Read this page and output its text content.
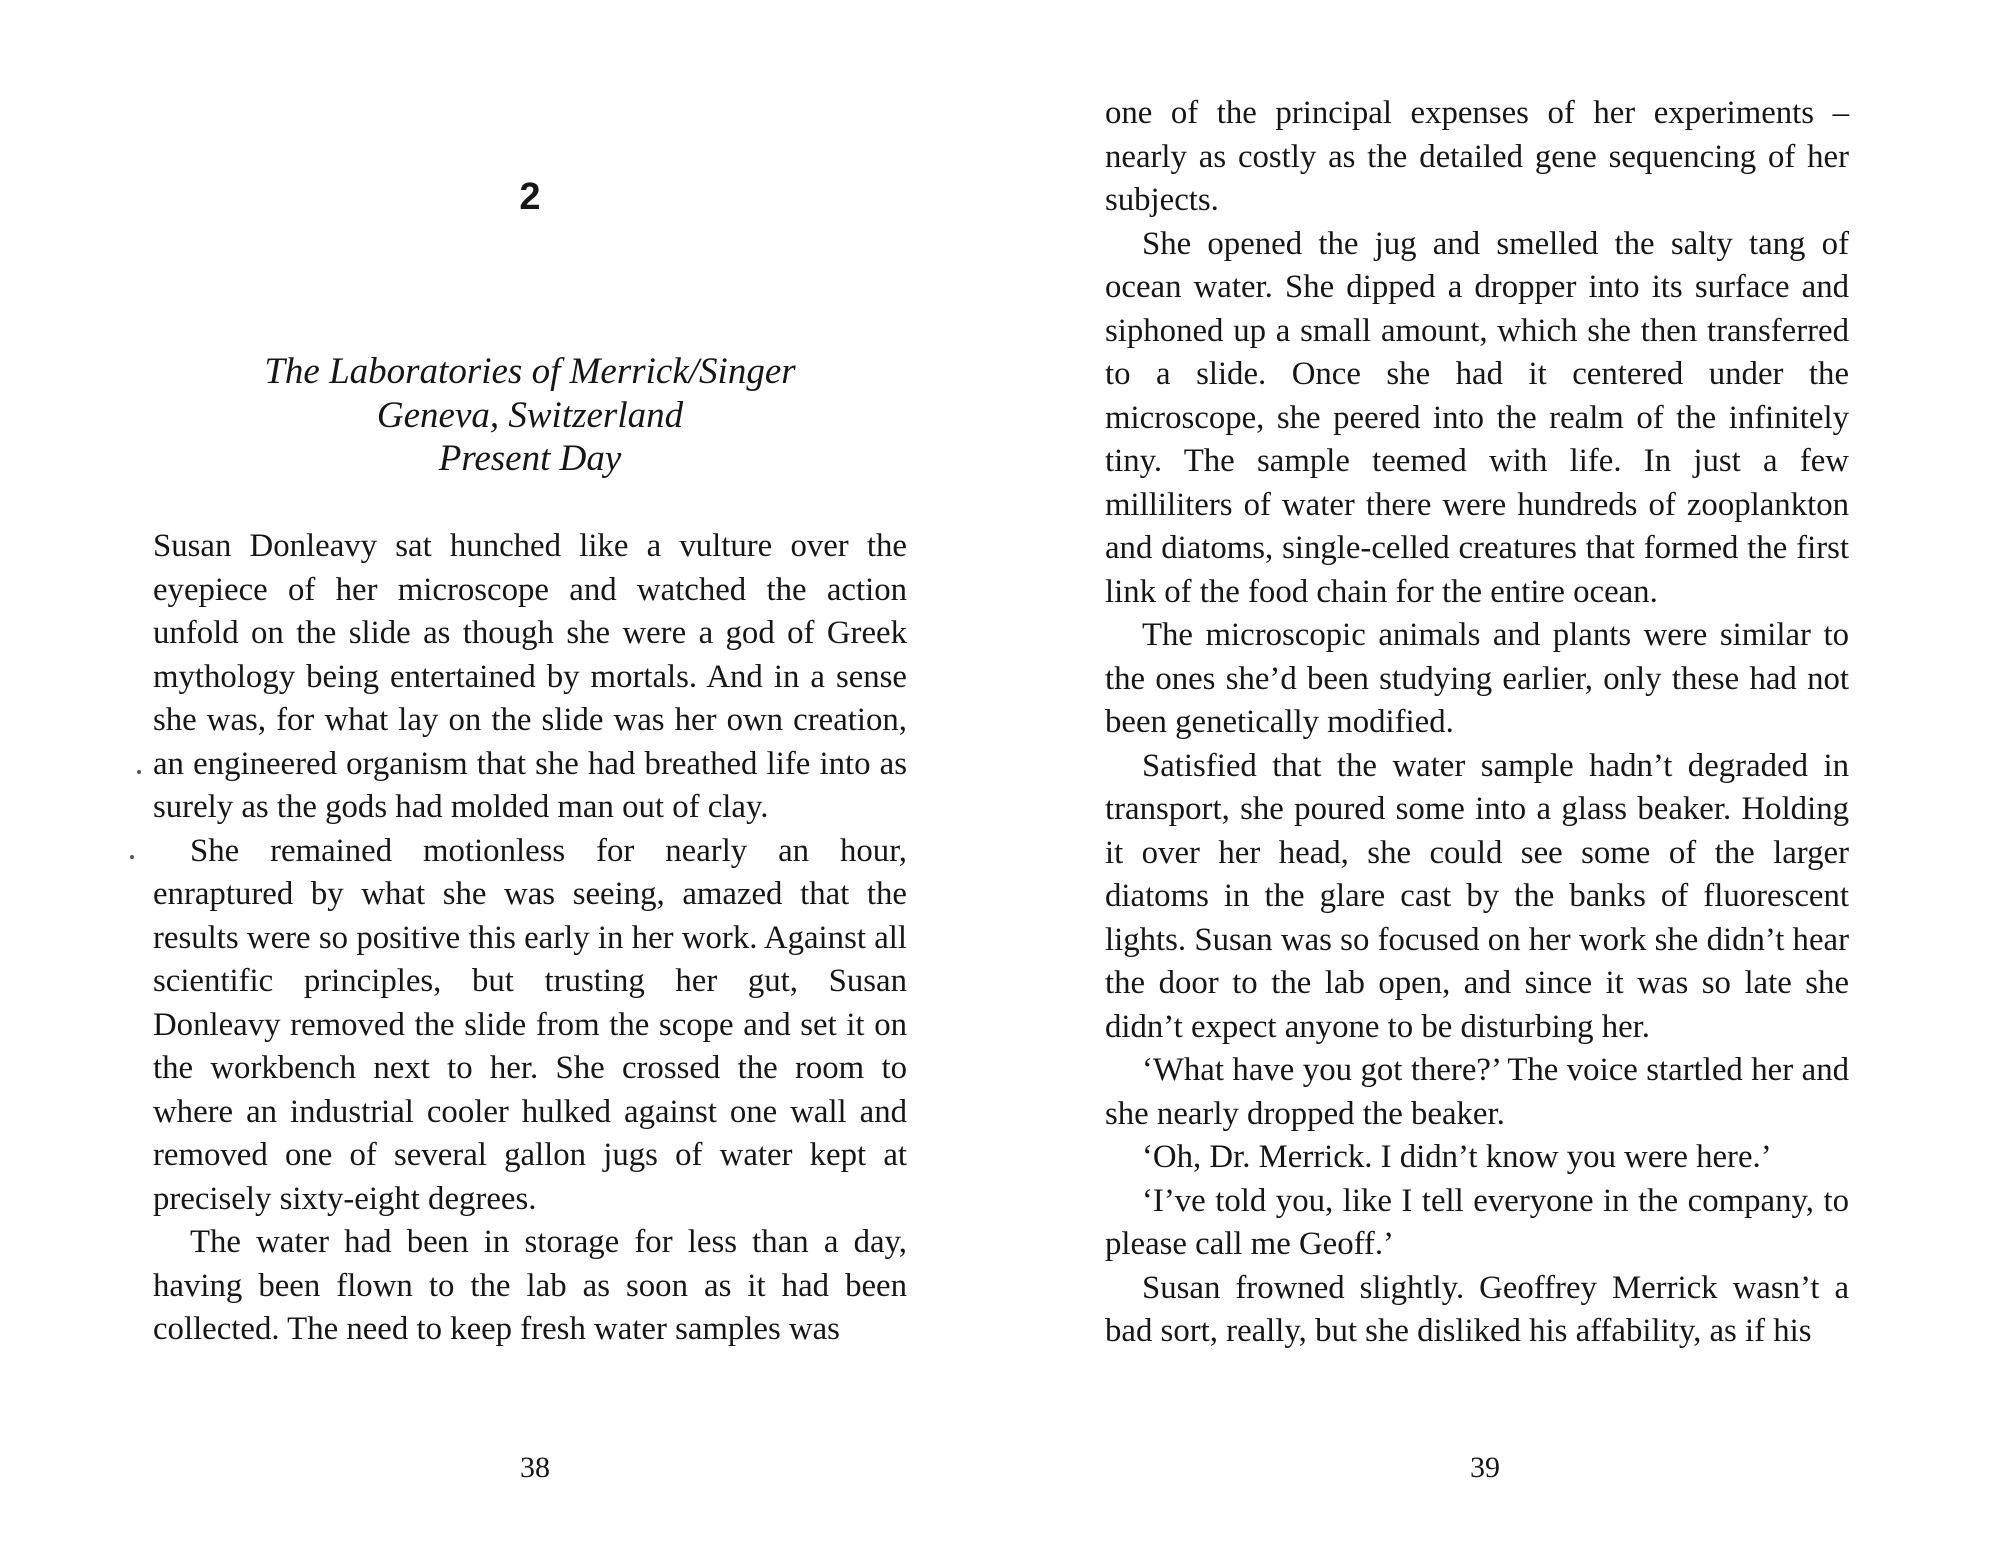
2
The Laboratories of Merrick/Singer
Geneva, Switzerland
Present Day

Susan Donleavy sat hunched like a vulture over the eyepiece of her microscope and watched the action unfold on the slide as though she were a god of Greek mythology being entertained by mortals. And in a sense she was, for what lay on the slide was her own creation, an engineered organism that she had breathed life into as surely as the gods had molded man out of clay.

She remained motionless for nearly an hour, enraptured by what she was seeing, amazed that the results were so positive this early in her work. Against all scientific principles, but trusting her gut, Susan Donleavy removed the slide from the scope and set it on the workbench next to her. She crossed the room to where an industrial cooler hulked against one wall and removed one of several gallon jugs of water kept at precisely sixty-eight degrees.

The water had been in storage for less than a day, having been flown to the lab as soon as it had been collected. The need to keep fresh water samples was

38

one of the principal expenses of her experiments – nearly as costly as the detailed gene sequencing of her subjects.

She opened the jug and smelled the salty tang of ocean water. She dipped a dropper into its surface and siphoned up a small amount, which she then transferred to a slide. Once she had it centered under the microscope, she peered into the realm of the infinitely tiny. The sample teemed with life. In just a few milliliters of water there were hundreds of zooplankton and diatoms, single-celled creatures that formed the first link of the food chain for the entire ocean.

The microscopic animals and plants were similar to the ones she’d been studying earlier, only these had not been genetically modified.

Satisfied that the water sample hadn’t degraded in transport, she poured some into a glass beaker. Holding it over her head, she could see some of the larger diatoms in the glare cast by the banks of fluorescent lights. Susan was so focused on her work she didn’t hear the door to the lab open, and since it was so late she didn’t expect anyone to be disturbing her.

‘What have you got there?’ The voice startled her and she nearly dropped the beaker.

‘Oh, Dr. Merrick. I didn’t know you were here.’

‘I’ve told you, like I tell everyone in the company, to please call me Geoff.’

Susan frowned slightly. Geoffrey Merrick wasn’t a bad sort, really, but she disliked his affability, as if his

39
